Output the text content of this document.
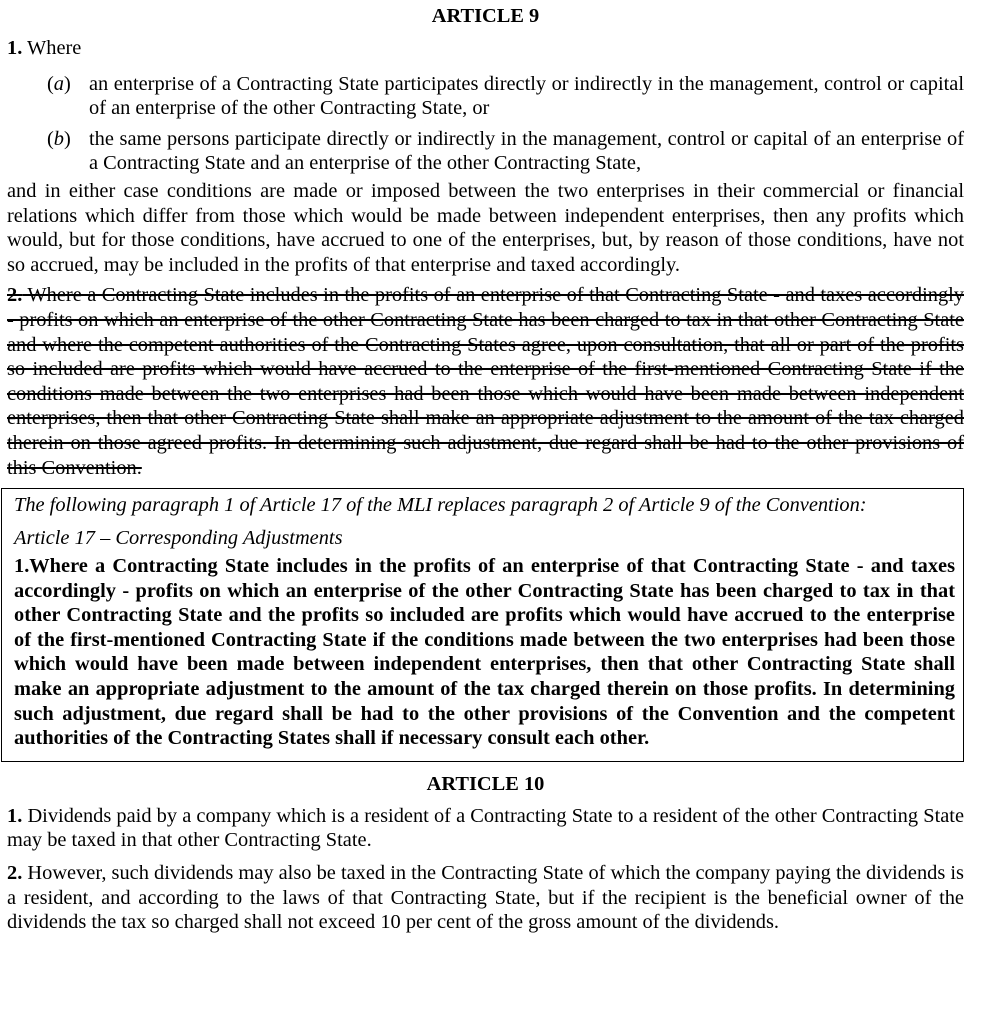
ARTICLE 9

1. Where

(a) an enterprise of a Contracting State participates directly or indirectly in the management, control or capital of an enterprise of the other Contracting State, or
(b) the same persons participate directly or indirectly in the management, control or capital of an enterprise of a Contracting State and an enterprise of the other Contracting State,

and in either case conditions are made or imposed between the two enterprises in their commercial or financial relations which differ from those which would be made between independent enterprises, then any profits which would, but for those conditions, have accrued to one of the enterprises, but, by reason of those conditions, have not so accrued, may be included in the profits of that enterprise and taxed accordingly.

2. Where a Contracting State includes in the profits of an enterprise of that Contracting State - and taxes accordingly - profits on which an enterprise of the other Contracting State has been charged to tax in that other Contracting State and where the competent authorities of the Contracting States agree, upon consultation, that all or part of the profits so included are profits which would have accrued to the enterprise of the first-mentioned Contracting State if the conditions made between the two enterprises had been those which would have been made between independent enterprises, then that other Contracting State shall make an appropriate adjustment to the amount of the tax charged therein on those agreed profits. In determining such adjustment, due regard shall be had to the other provisions of this Convention.

The following paragraph 1 of Article 17 of the MLI replaces paragraph 2 of Article 9 of the Convention:

Article 17 – Corresponding Adjustments

1.Where a Contracting State includes in the profits of an enterprise of that Contracting State - and taxes accordingly - profits on which an enterprise of the other Contracting State has been charged to tax in that other Contracting State and the profits so included are profits which would have accrued to the enterprise of the first-mentioned Contracting State if the conditions made between the two enterprises had been those which would have been made between independent enterprises, then that other Contracting State shall make an appropriate adjustment to the amount of the tax charged therein on those profits. In determining such adjustment, due regard shall be had to the other provisions of the Convention and the competent authorities of the Contracting States shall if necessary consult each other.

ARTICLE 10

1. Dividends paid by a company which is a resident of a Contracting State to a resident of the other Contracting State may be taxed in that other Contracting State.

2. However, such dividends may also be taxed in the Contracting State of which the company paying the dividends is a resident, and according to the laws of that Contracting State, but if the recipient is the beneficial owner of the dividends the tax so charged shall not exceed 10 per cent of the gross amount of the dividends.
